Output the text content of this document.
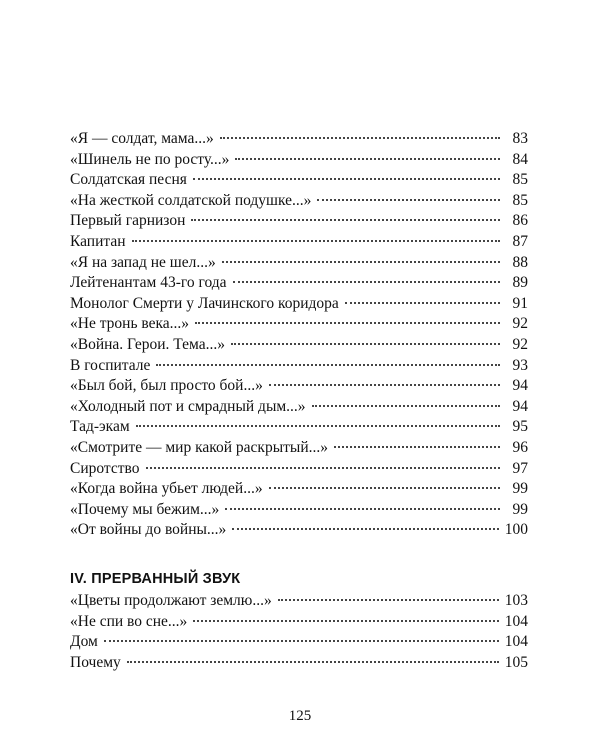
«Я — солдат, мама...»	83
«Шинель не по росту...»	84
Солдатская песня	85
«На жесткой солдатской подушке...»	85
Первый гарнизон	86
Капитан	87
«Я на запад не шел...»	88
Лейтенантам 43-го года	89
Монолог Смерти у Лачинского коридора	91
«Не тронь века...»	92
«Война. Герои. Тема...»	92
В госпитале	93
«Был бой, был просто бой...»	94
«Холодный пот и смрадный дым...»	94
Тад-экам	95
«Смотрите — мир какой раскрытый...»	96
Сиротство	97
«Когда война убьет людей...»	99
«Почему мы бежим...»	99
«От войны до войны...»	100
IV. ПРЕРВАННЫЙ ЗВУК
«Цветы продолжают землю...»	103
«Не спи во сне...»	104
Дом	104
Почему	105
125
